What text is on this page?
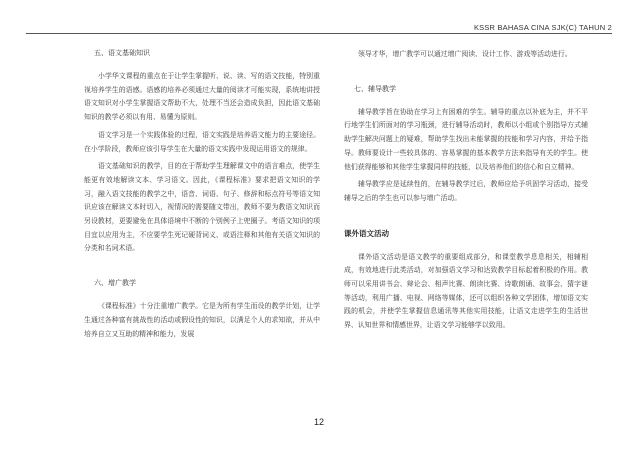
KSSR BAHASA CINA SJK(C) TAHUN 2
五、语文基础知识

小学华文课程的重点在于让学生掌握听、说、读、写的语文技能，特别重视培养学生的语感。语感的培养必须通过大量的阅读才可能实现，系统地讲授语文知识对小学生掌握语文帮助不大，处理不当还会造成负担，因此语文基础知识的教学必须以有用、易懂为原则。

语文学习是一个实践体验的过程，语文实践是培养语文能力的主要途径。在小学阶段，教师应该引导学生在大量的语文实践中发现运用语文的规律。

语文基础知识的教学，目的在于帮助学生理解课文中的语言难点，使学生能更有效地解读文本、学习语文。因此，《课程标准》要求把语文知识的学习，融入语文技能的教学之中，语音、词语、句子、修辞和标点符号等语文知识应该在解读文本时切入，视情况的需要随文带出，教师不要为教语文知识而另设教材，更要避免在具体语境中不断的个别例子上兜圈子。考语文知识的项目宜以应用为主，不应要学生死记硬背词义、或语注释和其他有关语文知识的分类和名词术语。

六、增广教学

《课程标准》十分注重增广教学。它是为所有学生而设的教学计划，让学生通过各种富有挑战性的活动或假设性的知识，以满足个人的求知欲，并从中培养自立又互助的精神和能力，发展

领导才华，增广教学可以通过增广阅读、设计工作、游戏等活动进行。

七、辅导教学

辅导教学旨在协助在学习上有困难的学生。辅导的重点以补底为主，并不平行地学生们所面对的学习瓶颈，进行辅导活动时，教师以小组或个别指导方式辅助学生解决问题上的疑难，帮助学生找出未能掌握的技能和学习内容，并给予指导。教师要设计一些较具体的、容易掌握的基本教学方法来指导有关的学生。使他们获得能够和其他学生掌握同样的技能，以及培养他们的信心和自立精神。

辅导教学应是延续性的，在辅导教学过后，教师应给予巩固学习活动，接受辅导之后的学生也可以参与增广活动。

课外语文活动

课外语文活动是语文教学的重要组成部分，和课堂教学息息相关，相辅相成，有效地进行此类活动，对加强语文学习和达致教学目标起着积极的作用。教师可以采用讲书会、辩论会、相声比赛、朗读比赛、诗歌朗诵、故事会、猜字谜等活动，利用广播、电视、网络等媒体，还可以组织各种文学团体，增加语文实践的机会，并使学生掌握信息通讯等其他实用技能，让语文走进学生的生活世界、认知世界和情感世界，让语文学习能够学以致用。

12
